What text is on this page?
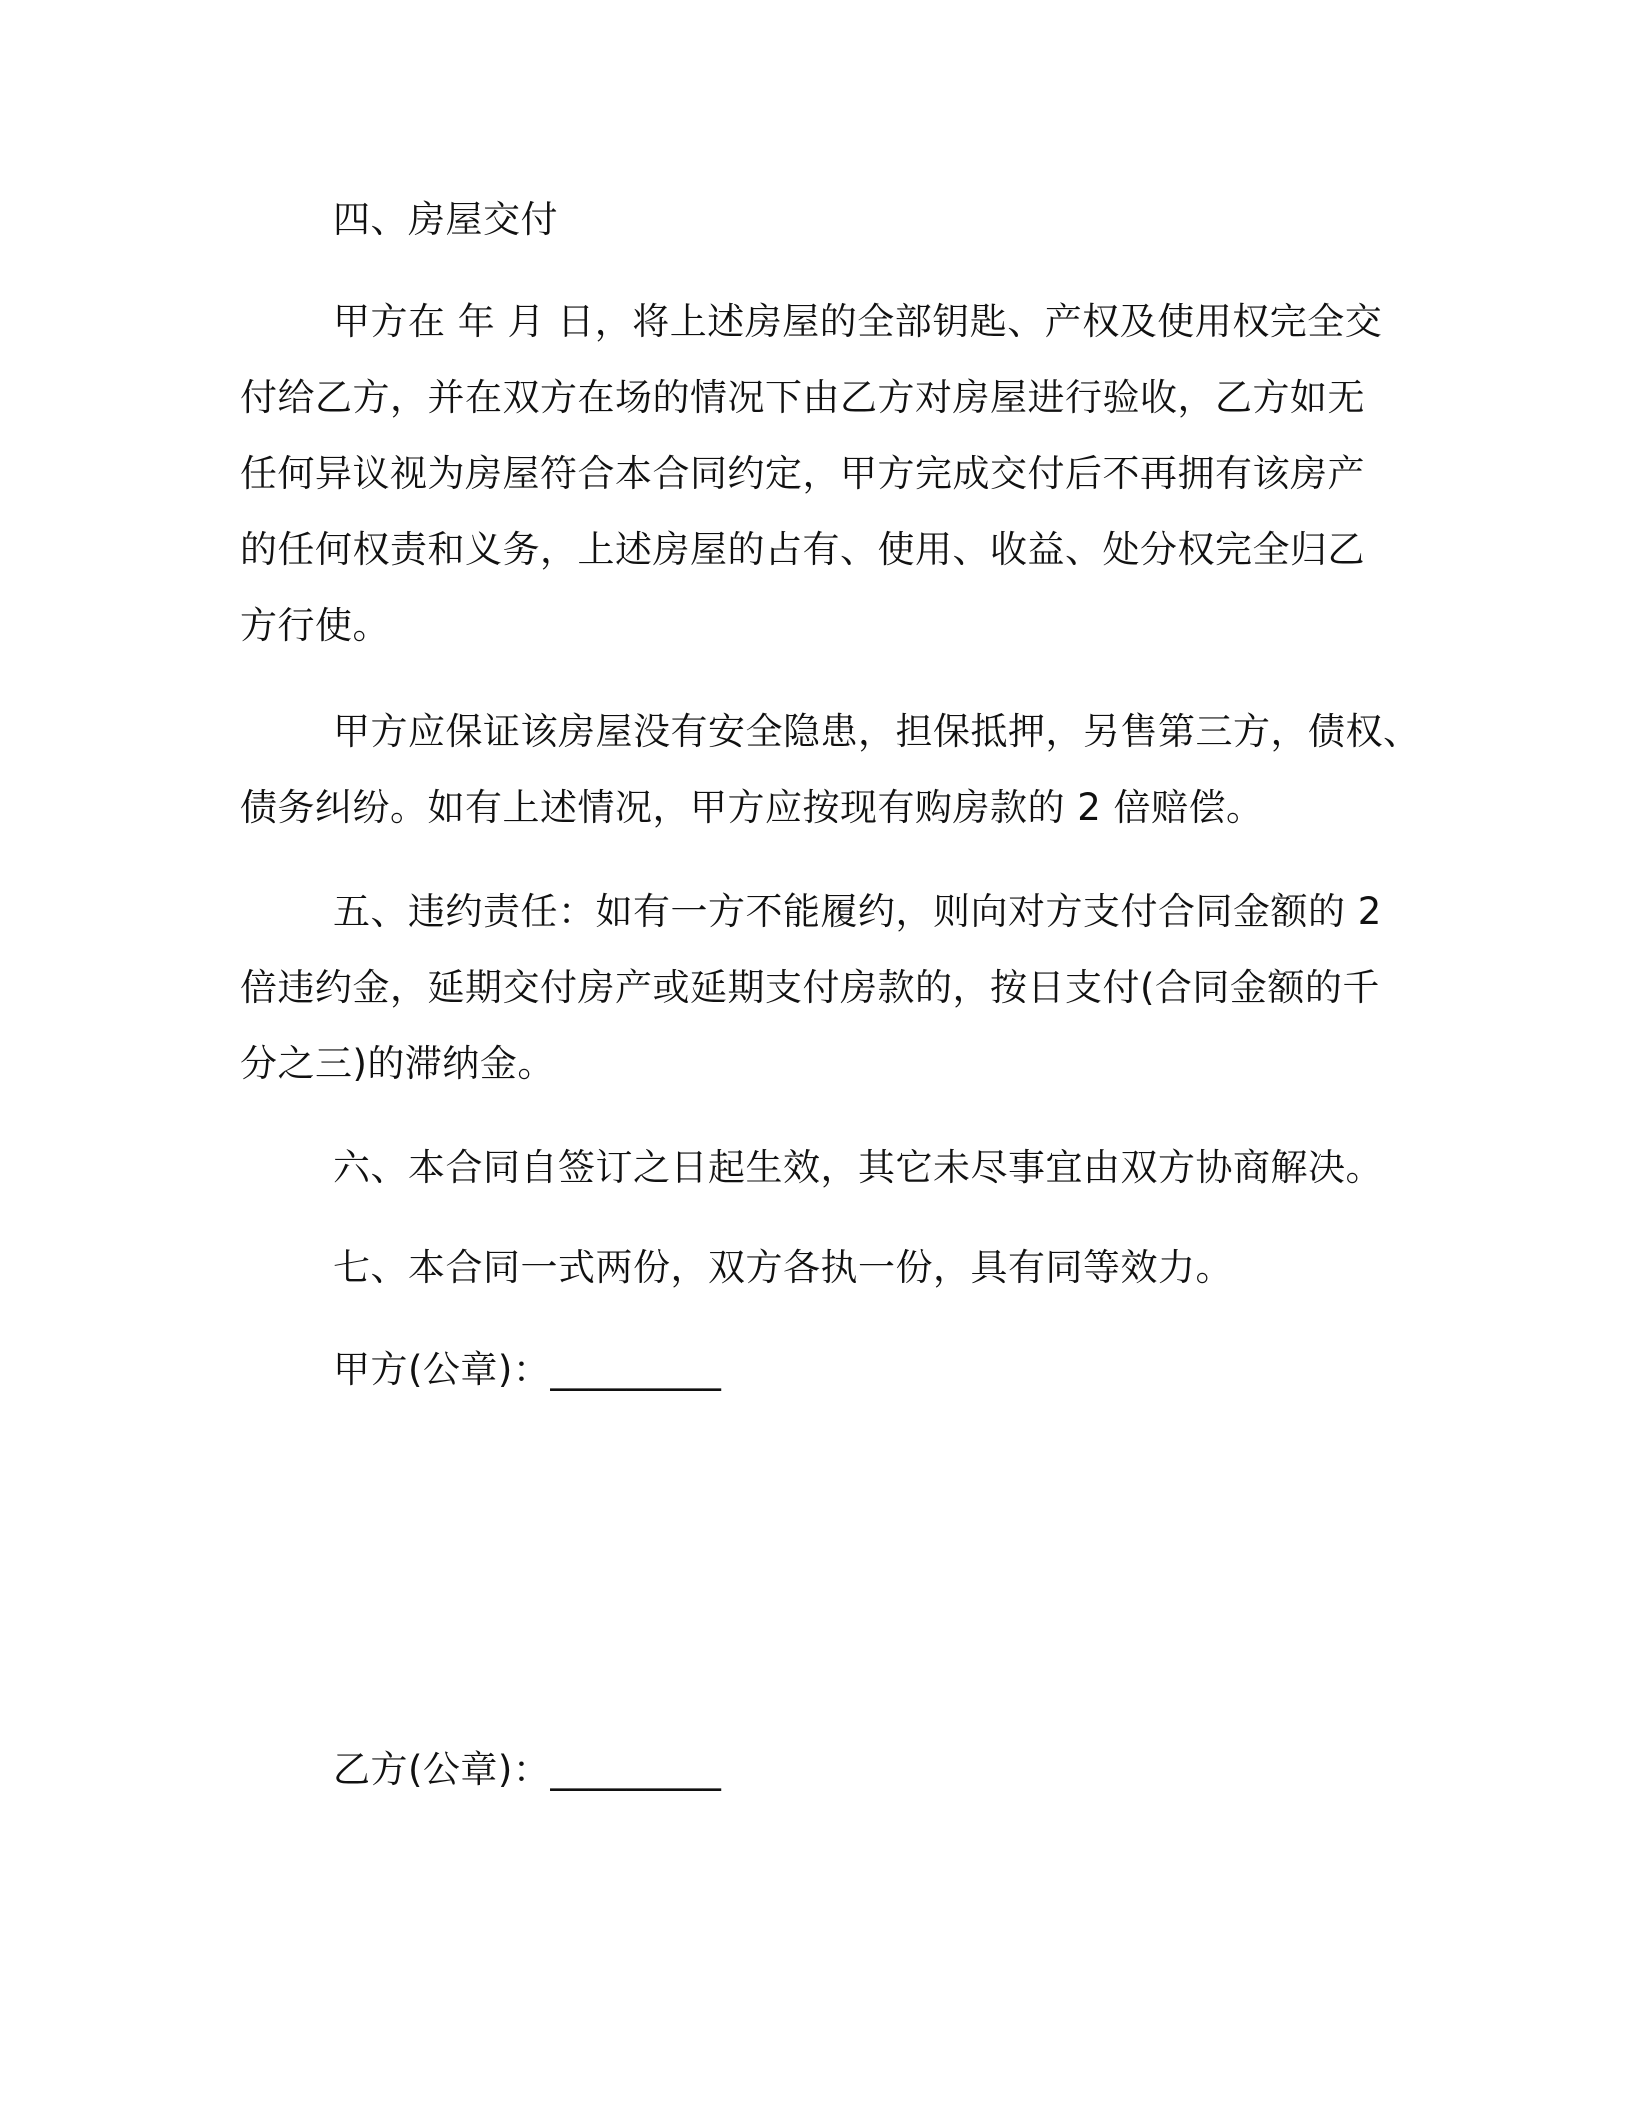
四、房屋交付
甲方在 年 月 日，将上述房屋的全部钥匙、产权及使用权完全交
付给乙方，并在双方在场的情况下由乙方对房屋进行验收，乙方如无
任何异议视为房屋符合本合同约定，甲方完成交付后不再拥有该房产
的任何权责和义务，上述房屋的占有、使用、收益、处分权完全归乙
方行使。
甲方应保证该房屋没有安全隐患，担保抵押，另售第三方，债权、
债务纠纷。如有上述情况，甲方应按现有购房款的 2 倍赔偿。
五、违约责任：如有一方不能履约，则向对方支付合同金额的 2
倍违约金，延期交付房产或延期支付房款的，按日支付(合同金额的千
分之三)的滞纳金。
六、本合同自签订之日起生效，其它未尽事宜由双方协商解决。
七、本合同一式两份，双方各执一份，具有同等效力。
甲方(公章)：_________
乙方(公章)：_________
